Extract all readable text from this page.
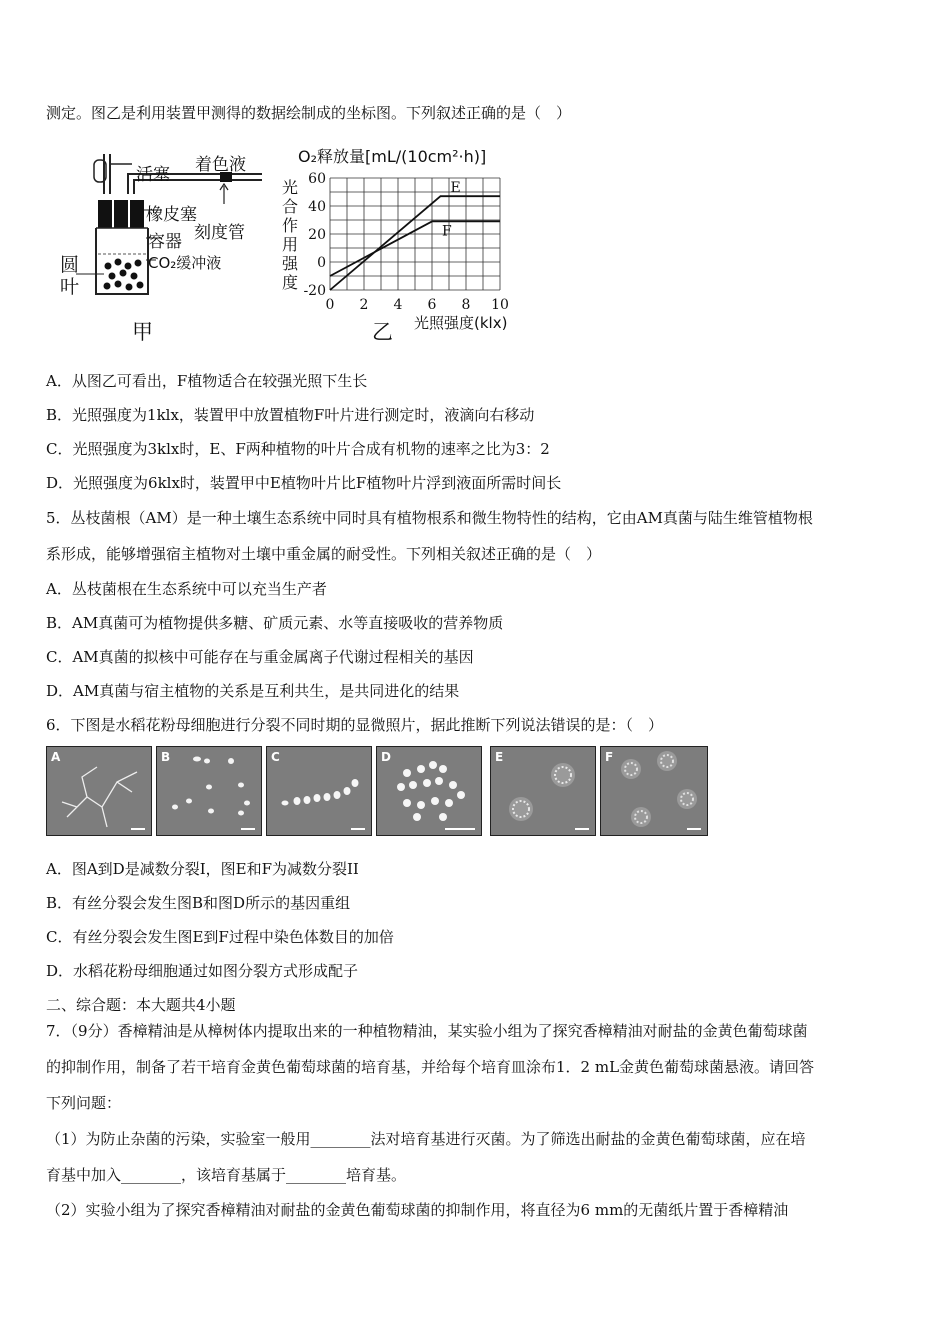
测定。图乙是利用装置甲测得的数据绘制成的坐标图。下列叙述正确的是（　）
活塞 着色液
橡皮塞
刻度管
容器
CO₂缓冲液
圆
叶
甲
O₂释放量[mL/(10cm²·h)]
光合作用强度
60
40
20
0
-20
0 2 4 6 8 10
E
F
光照强度(klx)
乙
A．从图乙可看出，F植物适合在较强光照下生长
B．光照强度为1klx，装置甲中放置植物F叶片进行测定时，液滴向右移动
C．光照强度为3klx时，E、F两种植物的叶片合成有机物的速率之比为3：2
D．光照强度为6klx时，装置甲中E植物叶片比F植物叶片浮到液面所需时间长
5．丛枝菌根（AM）是一种土壤生态系统中同时具有植物根系和微生物特性的结构，它由AM真菌与陆生维管植物根
系形成，能够增强宿主植物对土壤中重金属的耐受性。下列相关叙述正确的是（　）
A．丛枝菌根在生态系统中可以充当生产者
B．AM真菌可为植物提供多糖、矿质元素、水等直接吸收的营养物质
C．AM真菌的拟核中可能存在与重金属离子代谢过程相关的基因
D．AM真菌与宿主植物的关系是互利共生，是共同进化的结果
6．下图是水稻花粉母细胞进行分裂不同时期的显微照片，据此推断下列说法错误的是：（　）
A	B	C	D	E	F
A．图A到D是减数分裂I，图E和F为减数分裂II
B．有丝分裂会发生图B和图D所示的基因重组
C．有丝分裂会发生图E到F过程中染色体数目的加倍
D．水稻花粉母细胞通过如图分裂方式形成配子
二、综合题：本大题共4小题
7．（9分）香樟精油是从樟树体内提取出来的一种植物精油，某实验小组为了探究香樟精油对耐盐的金黄色葡萄球菌
的抑制作用，制备了若干培育金黄色葡萄球菌的培育基，并给每个培育皿涂布1．2 mL金黄色葡萄球菌悬液。请回答
下列问题：
（1）为防止杂菌的污染，实验室一般用________法对培育基进行灭菌。为了筛选出耐盐的金黄色葡萄球菌，应在培
育基中加入________，该培育基属于________培育基。
（2）实验小组为了探究香樟精油对耐盐的金黄色葡萄球菌的抑制作用，将直径为6 mm的无菌纸片置于香樟精油
